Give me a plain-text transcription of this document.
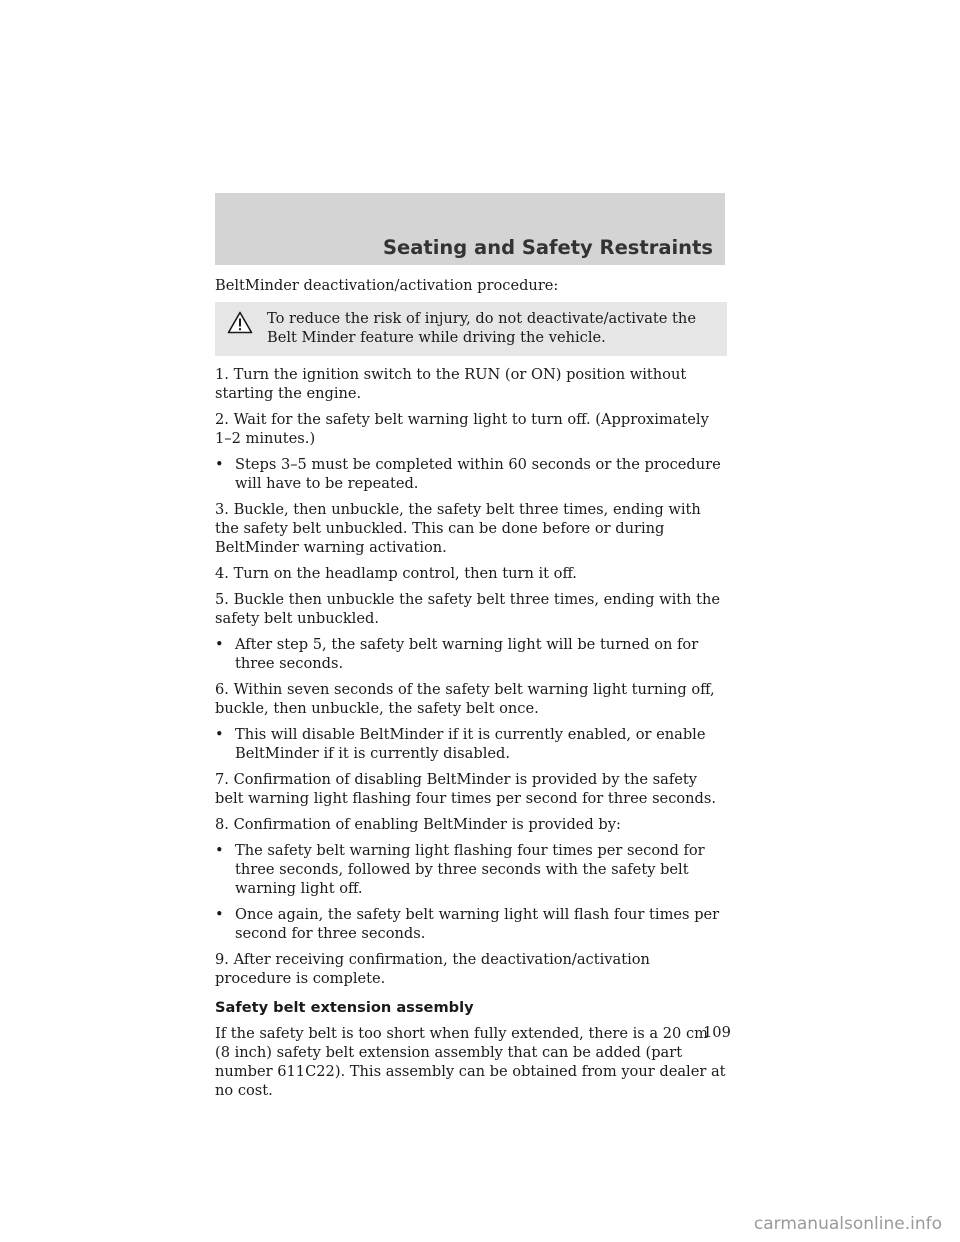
Seating and Safety Restraints

BeltMinder deactivation/activation procedure:

To reduce the risk of injury, do not deactivate/activate the Belt Minder feature while driving the vehicle.

1. Turn the ignition switch to the RUN (or ON) position without starting the engine.

2. Wait for the safety belt warning light to turn off. (Approximately 1–2 minutes.)

• Steps 3–5 must be completed within 60 seconds or the procedure will have to be repeated.

3. Buckle, then unbuckle, the safety belt three times, ending with the safety belt unbuckled. This can be done before or during BeltMinder warning activation.

4. Turn on the headlamp control, then turn it off.

5. Buckle then unbuckle the safety belt three times, ending with the safety belt unbuckled.

• After step 5, the safety belt warning light will be turned on for three seconds.

6. Within seven seconds of the safety belt warning light turning off, buckle, then unbuckle, the safety belt once.

• This will disable BeltMinder if it is currently enabled, or enable BeltMinder if it is currently disabled.

7. Confirmation of disabling BeltMinder is provided by the safety belt warning light flashing four times per second for three seconds.

8. Confirmation of enabling BeltMinder is provided by:

• The safety belt warning light flashing four times per second for three seconds, followed by three seconds with the safety belt warning light off.
• Once again, the safety belt warning light will flash four times per second for three seconds.

9. After receiving confirmation, the deactivation/activation procedure is complete.

Safety belt extension assembly

If the safety belt is too short when fully extended, there is a 20 cm (8 inch) safety belt extension assembly that can be added (part number 611C22). This assembly can be obtained from your dealer at no cost.

109
carmanualsonline.info
